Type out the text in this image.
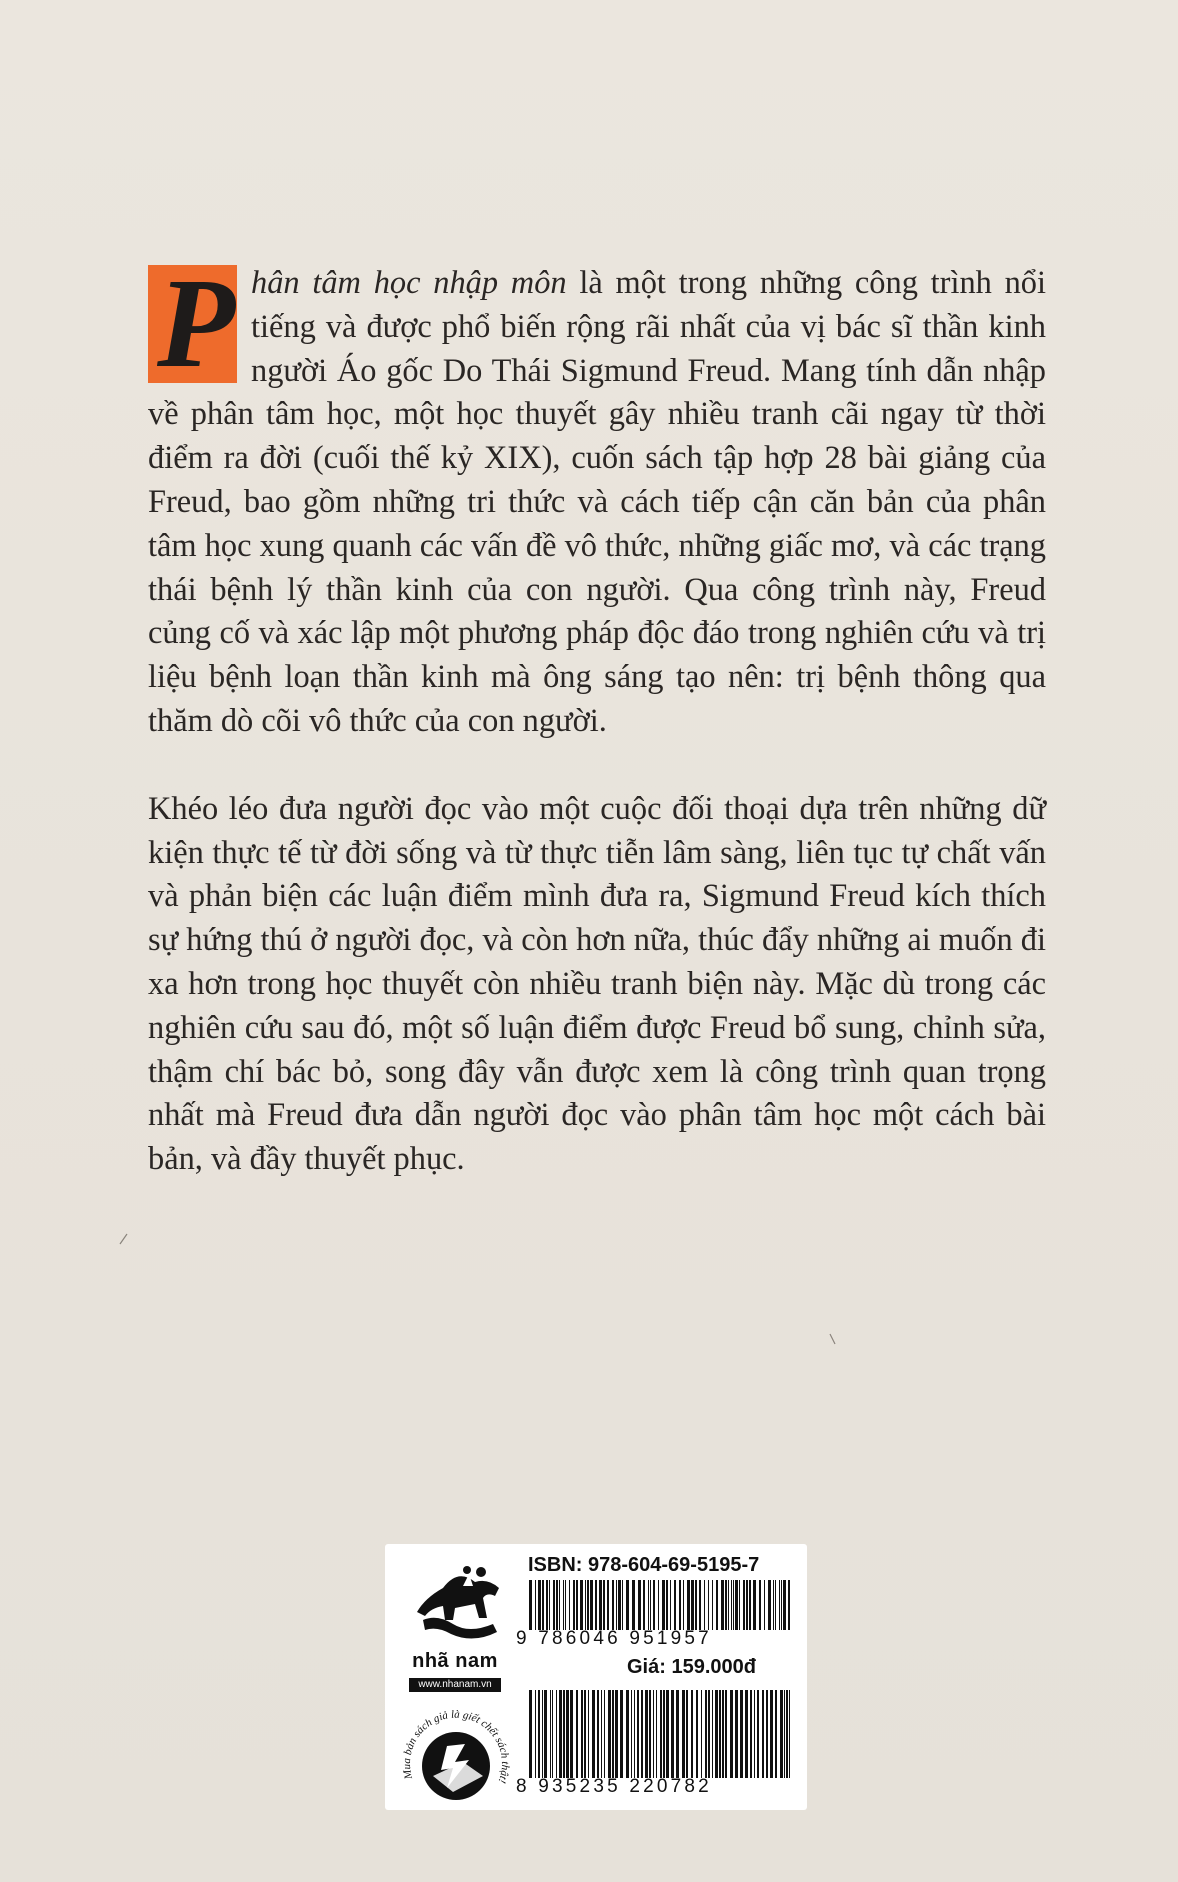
P hân tâm học nhập môn là một trong những công trình nổi tiếng và được phổ biến rộng rãi nhất của vị bác sĩ thần kinh người Áo gốc Do Thái Sigmund Freud. Mang tính dẫn nhập về phân tâm học, một học thuyết gây nhiều tranh cãi ngay từ thời điểm ra đời (cuối thế kỷ XIX), cuốn sách tập hợp 28 bài giảng của Freud, bao gồm những tri thức và cách tiếp cận căn bản của phân tâm học xung quanh các vấn đề vô thức, những giấc mơ, và các trạng thái bệnh lý thần kinh của con người. Qua công trình này, Freud củng cố và xác lập một phương pháp độc đáo trong nghiên cứu và trị liệu bệnh loạn thần kinh mà ông sáng tạo nên: trị bệnh thông qua thăm dò cõi vô thức của con người.

Khéo léo đưa người đọc vào một cuộc đối thoại dựa trên những dữ kiện thực tế từ đời sống và từ thực tiễn lâm sàng, liên tục tự chất vấn và phản biện các luận điểm mình đưa ra, Sigmund Freud kích thích sự hứng thú ở người đọc, và còn hơn nữa, thúc đẩy những ai muốn đi xa hơn trong học thuyết còn nhiều tranh biện này. Mặc dù trong các nghiên cứu sau đó, một số luận điểm được Freud bổ sung, chỉnh sửa, thậm chí bác bỏ, song đây vẫn được xem là công trình quan trọng nhất mà Freud đưa dẫn người đọc vào phân tâm học một cách bài bản, và đầy thuyết phục.

nhã nam
www.nhanam.vn
Mua bản sách giả là giết chết sách thật!
ISBN: 978-604-69-5195-7
9 786046 951957
Giá: 159.000đ
8 935235 220782
